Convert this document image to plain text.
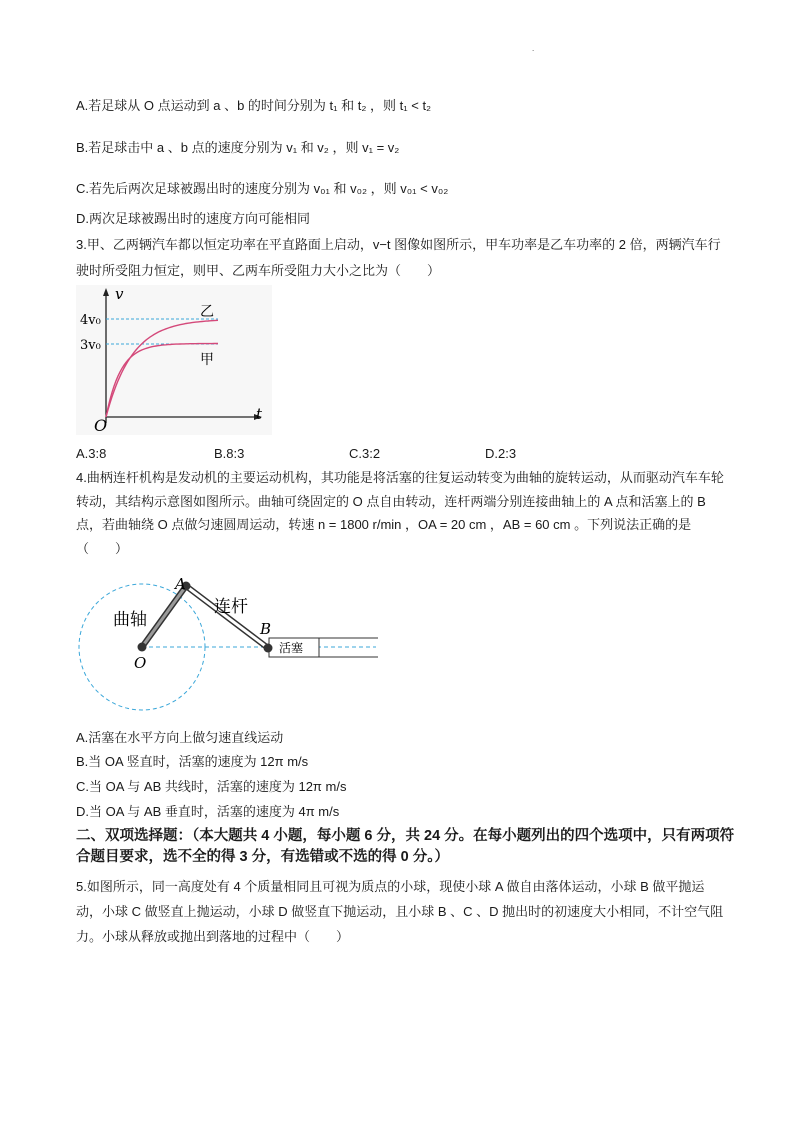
.
A.若足球从 O 点运动到 a 、b 的时间分别为 t₁ 和 t₂ ，则 t₁ < t₂
B.若足球击中 a 、b 点的速度分别为 v₁ 和 v₂ ，则 v₁ = v₂
C.若先后两次足球被踢出时的速度分别为 v₀₁ 和 v₀₂ ，则 v₀₁ < v₀₂
D.两次足球被踢出时的速度方向可能相同
3.甲、乙两辆汽车都以恒定功率在平直路面上启动，v−t 图像如图所示，甲车功率是乙车功率的 2 倍，两辆汽车行驶时所受阻力恒定，则甲、乙两车所受阻力大小之比为（　　）
v
t
O
4v₀
3v₀
乙
甲
A.3:8	B.8:3	C.3:2	D.2:3
4.曲柄连杆机构是发动机的主要运动机构，其功能是将活塞的往复运动转变为曲轴的旋转运动，从而驱动汽车车轮转动，其结构示意图如图所示。曲轴可绕固定的 O 点自由转动，连杆两端分别连接曲轴上的 A 点和活塞上的 B 点，若曲轴绕 O 点做匀速圆周运动，转速 n = 1800 r/min ，OA = 20 cm ，AB = 60 cm 。下列说法正确的是（　　）
活塞
O
A
B
曲轴
连杆
A.活塞在水平方向上做匀速直线运动
B.当 OA 竖直时，活塞的速度为 12π m/s
C.当 OA 与 AB 共线时，活塞的速度为 12π m/s
D.当 OA 与 AB 垂直时，活塞的速度为 4π m/s
二、双项选择题：（本大题共 4 小题，每小题 6 分，共 24 分。在每小题列出的四个选项中，只有两项符合题目要求，选不全的得 3 分，有选错或不选的得 0 分。）
5.如图所示，同一高度处有 4 个质量相同且可视为质点的小球，现使小球 A 做自由落体运动，小球 B 做平抛运动，小球 C 做竖直上抛运动，小球 D 做竖直下抛运动，且小球 B 、C 、D 抛出时的初速度大小相同，不计空气阻力。小球从释放或抛出到落地的过程中（　　）
